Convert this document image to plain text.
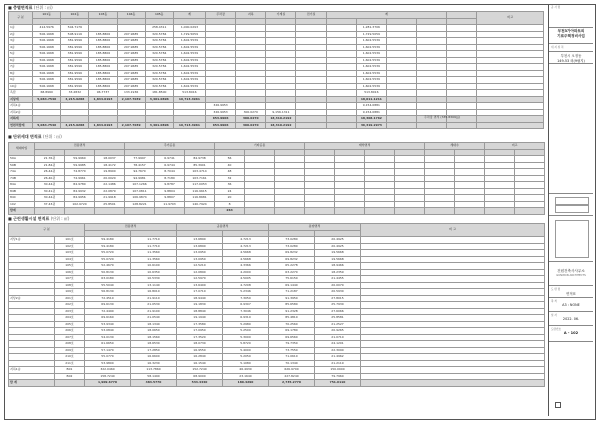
■ 층별면적표 (단위 : ㎡)
구 분	101동	102동	103동	104동	105동	계	주차장	지하	기계실	전기실	계					비고

1층	414.5976	504.7176			258.4311	1,000.0293						1,281.3706				
2층	506.1668	508.9116	185.8806	207.9685	320.5784	1,729.5059						1,729.5059				
3층	506.1668	381.9596	185.8806	207.9685	320.5784	1,602.5539						1,602.5539				
4층	506.1668	381.9596	185.8806	207.9685	320.5784	1,602.5539						1,602.5539				
5층	506.1668	381.9596	185.8806	207.9685	320.5784	1,602.5539						1,602.5539				
6층	506.1668	381.9596	185.8806	207.9685	320.5784	1,602.5539						1,602.5539				
7층	506.1668	381.9596	185.8806	207.9685	320.5784	1,602.5539						1,602.5539				
8층	506.1668	381.9596	185.8806	207.9685	320.5784	1,602.5539						1,602.5539				
9층	506.1668	381.9596	185.8806	207.9685	320.5784	1,602.5539						1,602.5539				
10층	506.1668	381.9596	185.8806	207.9685	320.5784	1,602.5539						1,602.5539				
옥탑	68.8960	33.2832	96.7737	133.1936	181.8500	513.8016						513.8016				
지상계	5,084.7546	4,215.9288	1,844.0193	2,167.7039	3,401.0896	16,713.4961						18,011.1211				
지하1층							326.9953					9,154.0881				
지하2층							326.9953	300.0270	9,156.1311			9,154.0881				
지하계							653.9906	300.0270	18,310.2192			18,308.1762				
연면적합계	5,084.7546	4,215.9288	1,844.0193	2,167.7039	3,401.0896	16,713.4961	653.9906	300.0270	18,310.2192			36,319.2973				
주차장 면적 (335.8309㎡)
■ 단위세대 면적표 (단위 : ㎡)
세대타입	전용면적			주거공용			기타공용			계약면적				세대수		비고	

59A	21.76평	59.9960	18.0037	77.9997	6.9741	84.9738	56										
59B	21.84평	59.9985	18.4172	78.4157	6.9744	85.3901	40										
74A	26.44평	74.8770	19.8900	94.7670	8.7044	103.4714	48										
74B	26.40평	74.9961	20.0020	94.9981	8.7180	103.7161	32										
84A	30.44평	84.9780	22.1486	107.1266	9.8787	117.0053	36										
84B	30.41평	84.9932	22.0879	107.0811	9.8804	116.9615	24										
84C	30.44평	84.9956	21.9918	106.9874	9.8807	116.8681	20										
102	37.43평	102.9720	25.8501	128.8221	11.9703	140.7924	8										
합계							264										
■ 근린생활시설 면적표 (단위 : ㎡)
구 분		전용면적		공용면적		분양면적		비 고

지상1층	101호	59.4180	11.7710	13.6890	4.7213	73.0280	20.4925	
	102호	59.4180	11.7710	13.6890	4.7213	73.0280	20.4925	
	103호	55.0720	11.3560	13.0950	4.5668	69.8232	19.5668	
	104호	55.0720	11.3560	13.0950	4.5668	69.8232	19.5668	
	105호	52.4670	10.6100	12.5210	4.3366	65.2278	18.9466	
	106호	50.8130	10.6350	12.0890	4.2000	63.2270	18.2359	
	107호	63.0180	10.5330	12.5970	4.5005	75.6150	21.4455	
	108호	55.5040	13.1140	13.6400	4.7208	69.1440	20.0070	
	109호	56.8130	16.8010	17.0710	5.2346	71.2187	20.5930	
지상2층	201호	72.4510	21.9110	18.9440	7.3050	91.3950	27.8015	
	202호	69.6130	21.0530	19.1830	6.9307	85.6580	25.7930	
	203호	72.4490	21.9100	18.8840	7.3046	91.2328	27.6066	
	204호	69.6160	21.0540	19.1940	6.9310	85.4810	25.8581	
	205호	53.9340	18.1340	17.3580	5.2980	70.2560	21.2527	
	206호	53.0840	18.0650	17.0950	5.2500	69.1780	20.9265	
	207호	54.0130	18.1560	17.3520	5.3000	69.6560	21.0710	
	208호	61.6650	18.6530	18.0730	5.8720	79.7350	24.1201	
	209호	57.1470	17.2850	16.9550	5.4000	73.7550	22.3090	
	210호	55.0770	16.6600	16.2840	5.2050	71.0610	21.4962	
	211호	53.9800	16.3230	16.1540	5.1080	70.1340	21.2119	
지하1층	B01	322.0460	113.7860	152.7240	46.4930	626.9700	150.0900	
	B02	158.7240	58.1490	68.9000	23.1640	227.8240	79.7960	
합 계		1,909.6770	484.5770	534.4440	180.4290	2,735.2770	751.6110	
공 사 명
부천3가아파트외
기료주택정비사업
대 지 위 치
부천시 오정동
149-53 외(9필지)
건원건축사사무소
GUNWON ARCHITECTS
도 면 명
면적표
축 척
A3 : NONE
일 자
2022. 06.
도면번호
A - 102
